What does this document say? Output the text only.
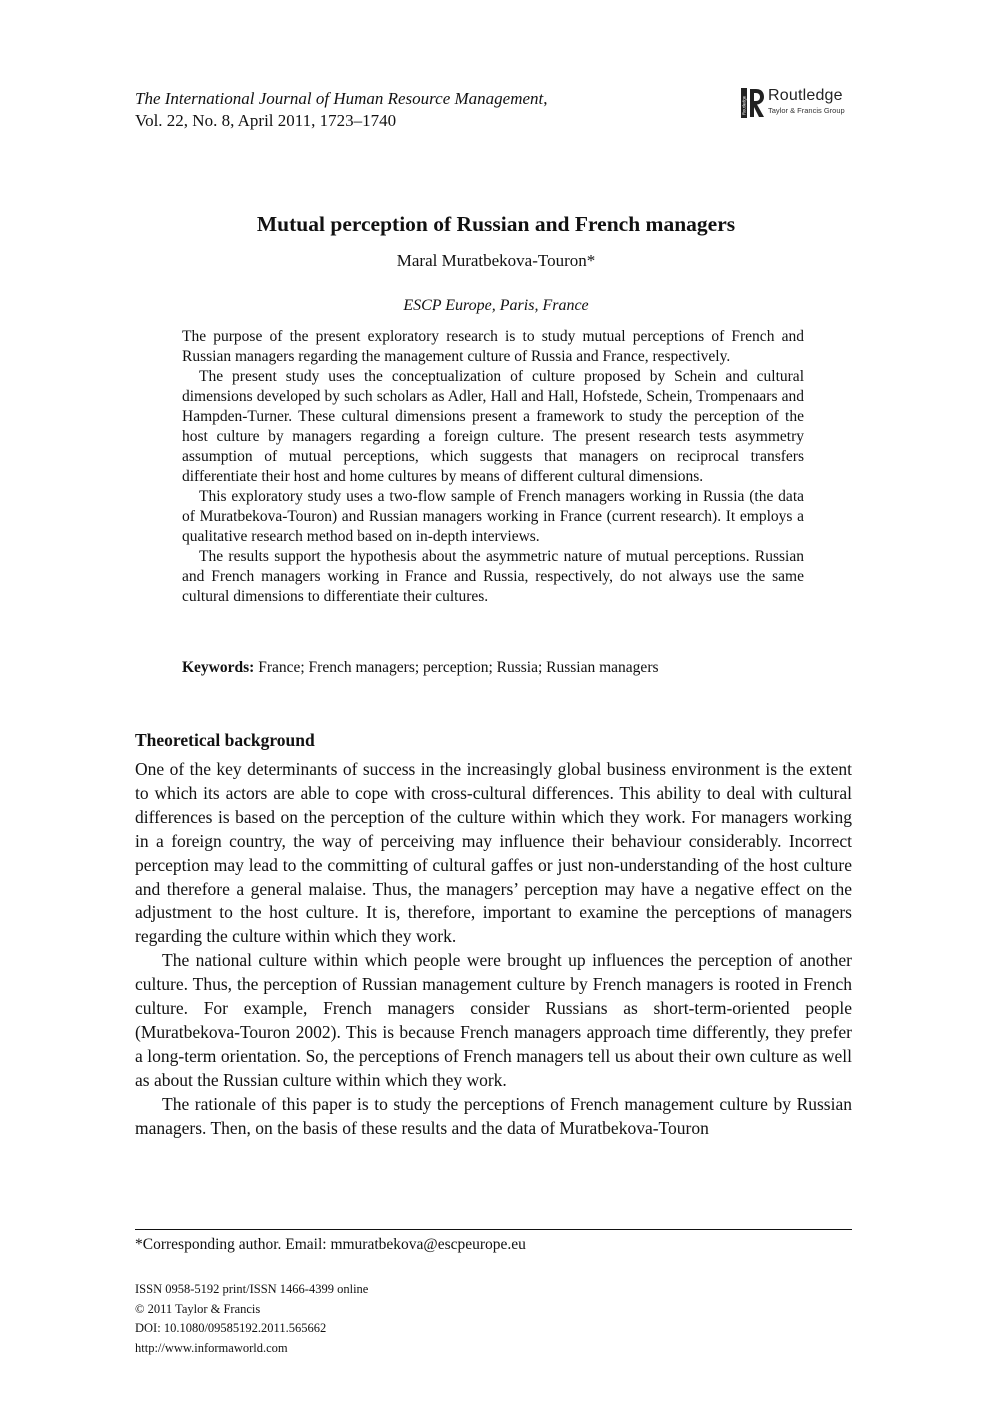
The International Journal of Human Resource Management,
Vol. 22, No. 8, April 2011, 1723–1740
Routledge
Routledge
Taylor & Francis Group
Mutual perception of Russian and French managers
Maral Muratbekova-Touron*
ESCP Europe, Paris, France

The purpose of the present exploratory research is to study mutual perceptions of French and Russian managers regarding the management culture of Russia and France, respectively.

The present study uses the conceptualization of culture proposed by Schein and cultural dimensions developed by such scholars as Adler, Hall and Hall, Hofstede, Schein, Trompenaars and Hampden-Turner. These cultural dimensions present a framework to study the perception of the host culture by managers regarding a foreign culture. The present research tests asymmetry assumption of mutual perceptions, which suggests that managers on reciprocal transfers differentiate their host and home cultures by means of different cultural dimensions.

This exploratory study uses a two-flow sample of French managers working in Russia (the data of Muratbekova-Touron) and Russian managers working in France (current research). It employs a qualitative research method based on in-depth interviews.

The results support the hypothesis about the asymmetric nature of mutual perceptions. Russian and French managers working in France and Russia, respectively, do not always use the same cultural dimensions to differentiate their cultures.

Keywords: France; French managers; perception; Russia; Russian managers
Theoretical background

One of the key determinants of success in the increasingly global business environment is the extent to which its actors are able to cope with cross-cultural differences. This ability to deal with cultural differences is based on the perception of the culture within which they work. For managers working in a foreign country, the way of perceiving may influence their behaviour considerably. Incorrect perception may lead to the committing of cultural gaffes or just non-understanding of the host culture and therefore a general malaise. Thus, the managers’ perception may have a negative effect on the adjustment to the host culture. It is, therefore, important to examine the perceptions of managers regarding the culture within which they work.

The national culture within which people were brought up influences the perception of another culture. Thus, the perception of Russian management culture by French managers is rooted in French culture. For example, French managers consider Russians as short-term-oriented people (Muratbekova-Touron 2002). This is because French managers approach time differently, they prefer a long-term orientation. So, the perceptions of French managers tell us about their own culture as well as about the Russian culture within which they work.

The rationale of this paper is to study the perceptions of French management culture by Russian managers. Then, on the basis of these results and the data of Muratbekova-Touron

*Corresponding author. Email: mmuratbekova@escpeurope.eu
ISSN 0958-5192 print/ISSN 1466-4399 online
© 2011 Taylor & Francis
DOI: 10.1080/09585192.2011.565662
http://www.informaworld.com
